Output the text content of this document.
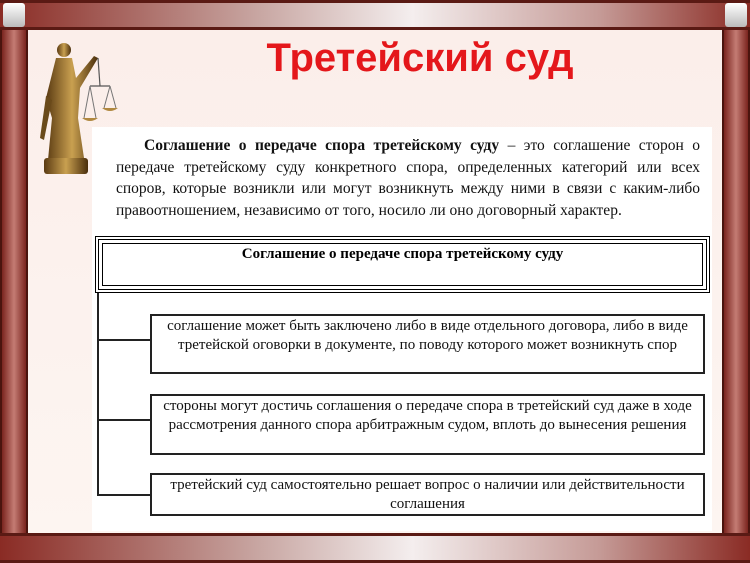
Третейский суд

Соглашение о передаче спора третейскому суду – это соглашение сторон о передаче третейскому суду конкретного спора, определенных категорий или всех споров, которые возникли или могут возникнуть между ними в связи с каким-либо правоотношением, независимо от того, носило ли оно договорный характер.

Соглашение о передаче спора третейскому суду
соглашение может быть заключено либо в виде отдельного договора, либо в виде третейской оговорки в документе, по поводу которого может возникнуть спор
стороны могут достичь соглашения о передаче спора в третейский суд даже в ходе рассмотрения данного спора арбитражным судом, вплоть до вынесения решения
третейский суд самостоятельно решает вопрос о наличии или действительности соглашения
